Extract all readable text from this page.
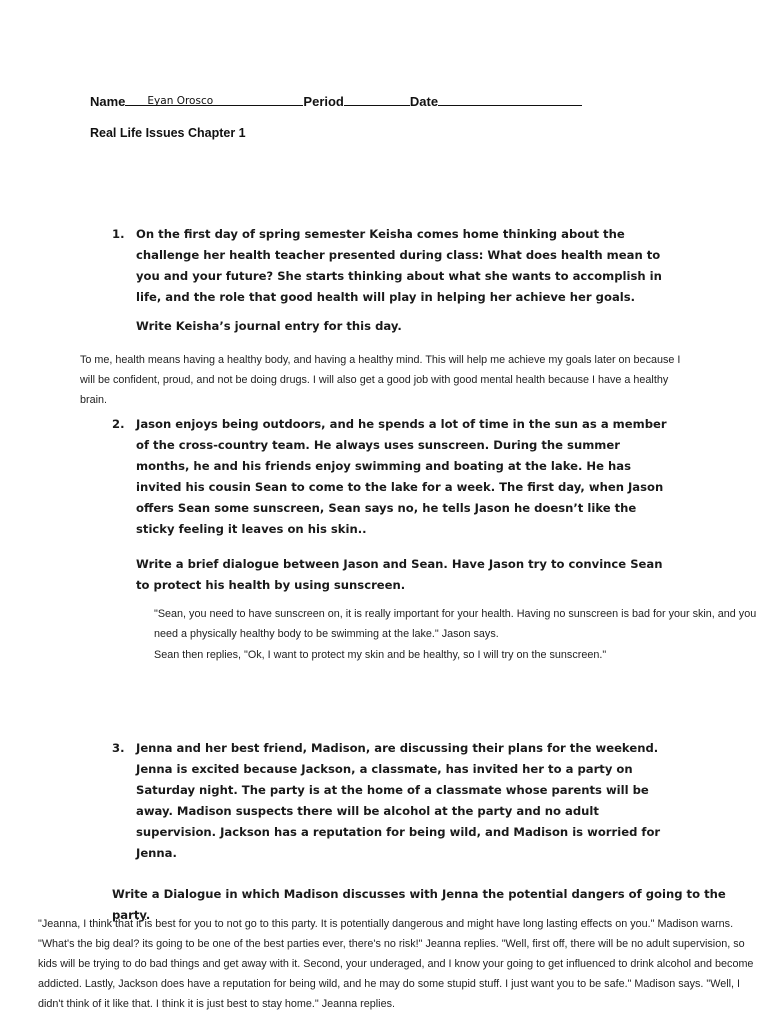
Name Eyan Orosco	Period	Date
Real Life Issues Chapter 1
1. On the first day of spring semester Keisha comes home thinking about the challenge her health teacher presented during class: What does health mean to you and your future? She starts thinking about what she wants to accomplish in life, and the role that good health will play in helping her achieve her goals.
Write Keisha’s journal entry for this day.
To me, health means having a healthy body, and having a healthy mind. This will help me achieve my goals later on because I will be confident, proud, and not be doing drugs. I will also get a good job with good mental health because I have a healthy brain.
2. Jason enjoys being outdoors, and he spends a lot of time in the sun as a member of the cross-country team. He always uses sunscreen. During the summer months, he and his friends enjoy swimming and boating at the lake. He has invited his cousin Sean to come to the lake for a week. The first day, when Jason offers Sean some sunscreen, Sean says no, he tells Jason he doesn’t like the sticky feeling it leaves on his skin..
Write a brief dialogue between Jason and Sean. Have Jason try to convince Sean to protect his health by using sunscreen.
"Sean, you need to have sunscreen on, it is really important for your health. Having no sunscreen is bad for your skin, and you need a physically healthy body to be swimming at the lake." Jason says.
Sean then replies, "Ok, I want to protect my skin and be healthy, so I will try on the sunscreen."
3. Jenna and her best friend, Madison, are discussing their plans for the weekend. Jenna is excited because Jackson, a classmate, has invited her to a party on Saturday night. The party is at the home of a classmate whose parents will be away. Madison suspects there will be alcohol at the party and no adult supervision. Jackson has a reputation for being wild, and Madison is worried for Jenna.
Write a Dialogue in which Madison discusses with Jenna the potential dangers of going to the party.
"Jeanna, I think that it is best for you to not go to this party. It is potentially dangerous and might have long lasting effects on you." Madison warns. "What's the big deal? its going to be one of the best parties ever, there's no risk!" Jeanna replies. "Well, first off, there will be no adult supervision, so kids will be trying to do bad things and get away with it. Second, your underaged, and I know your going to get influenced to drink alcohol and become addicted. Lastly, Jackson does have a reputation for being wild, and he may do some stupid stuff. I just want you to be safe." Madison says. "Well, I didn't think of it like that. I think it is just best to stay home." Jeanna replies.
